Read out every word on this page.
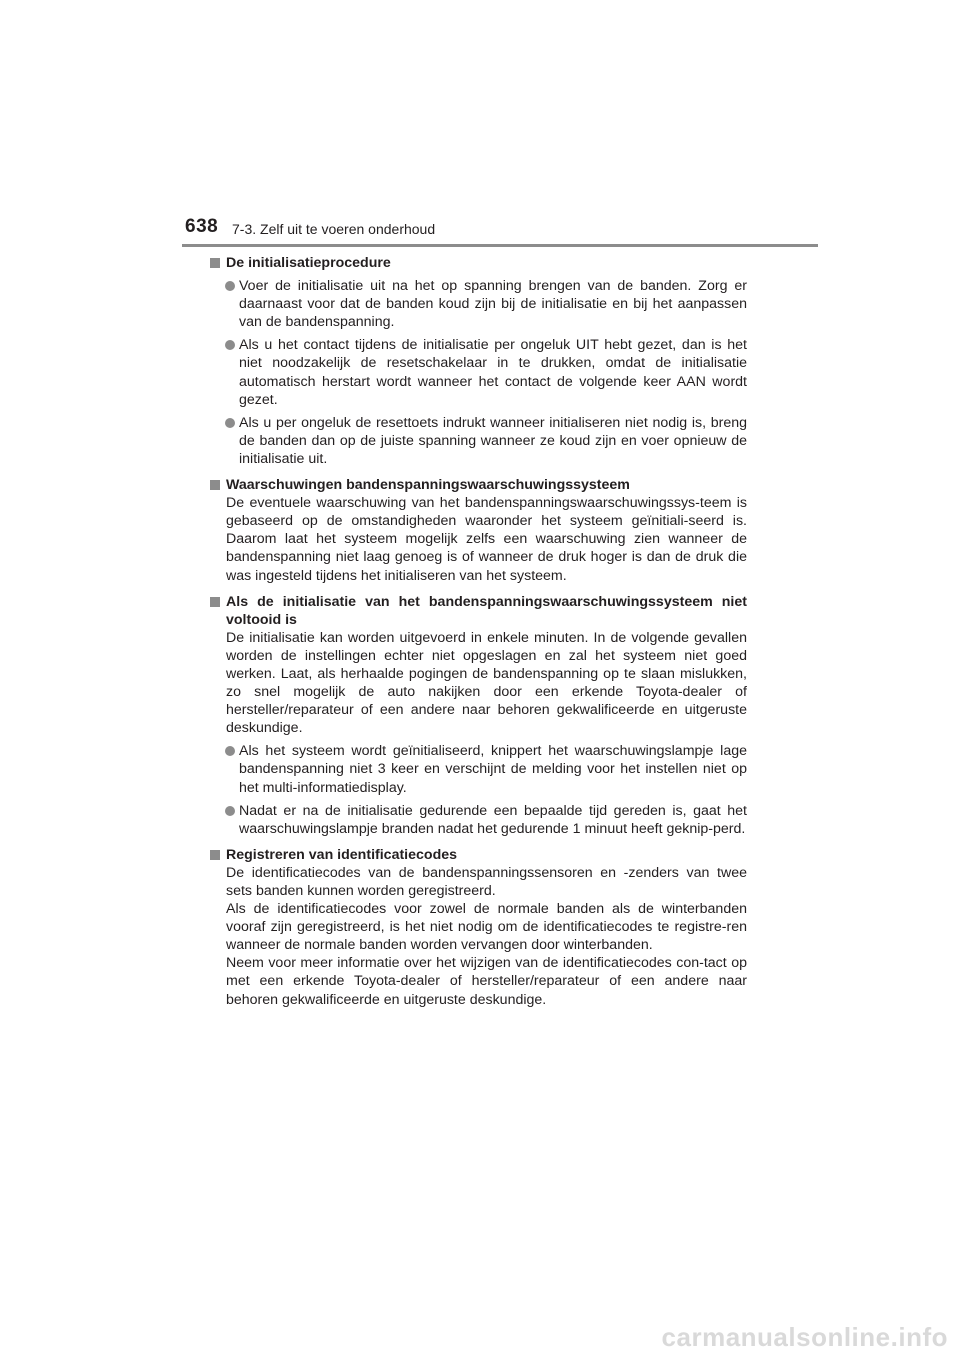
638 7-3. Zelf uit te voeren onderhoud
De initialisatieprocedure
Voer de initialisatie uit na het op spanning brengen van de banden. Zorg er daarnaast voor dat de banden koud zijn bij de initialisatie en bij het aanpassen van de bandenspanning.
Als u het contact tijdens de initialisatie per ongeluk UIT hebt gezet, dan is het niet noodzakelijk de resetschakelaar in te drukken, omdat de initialisatie automatisch herstart wordt wanneer het contact de volgende keer AAN wordt gezet.
Als u per ongeluk de resettoets indrukt wanneer initialiseren niet nodig is, breng de banden dan op de juiste spanning wanneer ze koud zijn en voer opnieuw de initialisatie uit.
Waarschuwingen bandenspanningswaarschuwingssysteem
De eventuele waarschuwing van het bandenspanningswaarschuwingssys-teem is gebaseerd op de omstandigheden waaronder het systeem geïnitiali-seerd is. Daarom laat het systeem mogelijk zelfs een waarschuwing zien wanneer de bandenspanning niet laag genoeg is of wanneer de druk hoger is dan de druk die was ingesteld tijdens het initialiseren van het systeem.
Als de initialisatie van het bandenspanningswaarschuwingssysteem niet voltooid is
De initialisatie kan worden uitgevoerd in enkele minuten. In de volgende gevallen worden de instellingen echter niet opgeslagen en zal het systeem niet goed werken. Laat, als herhaalde pogingen de bandenspanning op te slaan mislukken, zo snel mogelijk de auto nakijken door een erkende Toyota-dealer of hersteller/reparateur of een andere naar behoren gekwalificeerde en uitgeruste deskundige.
Als het systeem wordt geïnitialiseerd, knippert het waarschuwingslampje lage bandenspanning niet 3 keer en verschijnt de melding voor het instellen niet op het multi-informatiedisplay.
Nadat er na de initialisatie gedurende een bepaalde tijd gereden is, gaat het waarschuwingslampje branden nadat het gedurende 1 minuut heeft geknip-perd.
Registreren van identificatiecodes
De identificatiecodes van de bandenspanningssensoren en -zenders van twee sets banden kunnen worden geregistreerd.
Als de identificatiecodes voor zowel de normale banden als de winterbanden vooraf zijn geregistreerd, is het niet nodig om de identificatiecodes te registre-ren wanneer de normale banden worden vervangen door winterbanden.
Neem voor meer informatie over het wijzigen van de identificatiecodes con-tact op met een erkende Toyota-dealer of hersteller/reparateur of een andere naar behoren gekwalificeerde en uitgeruste deskundige.
carmanualsonline.info
